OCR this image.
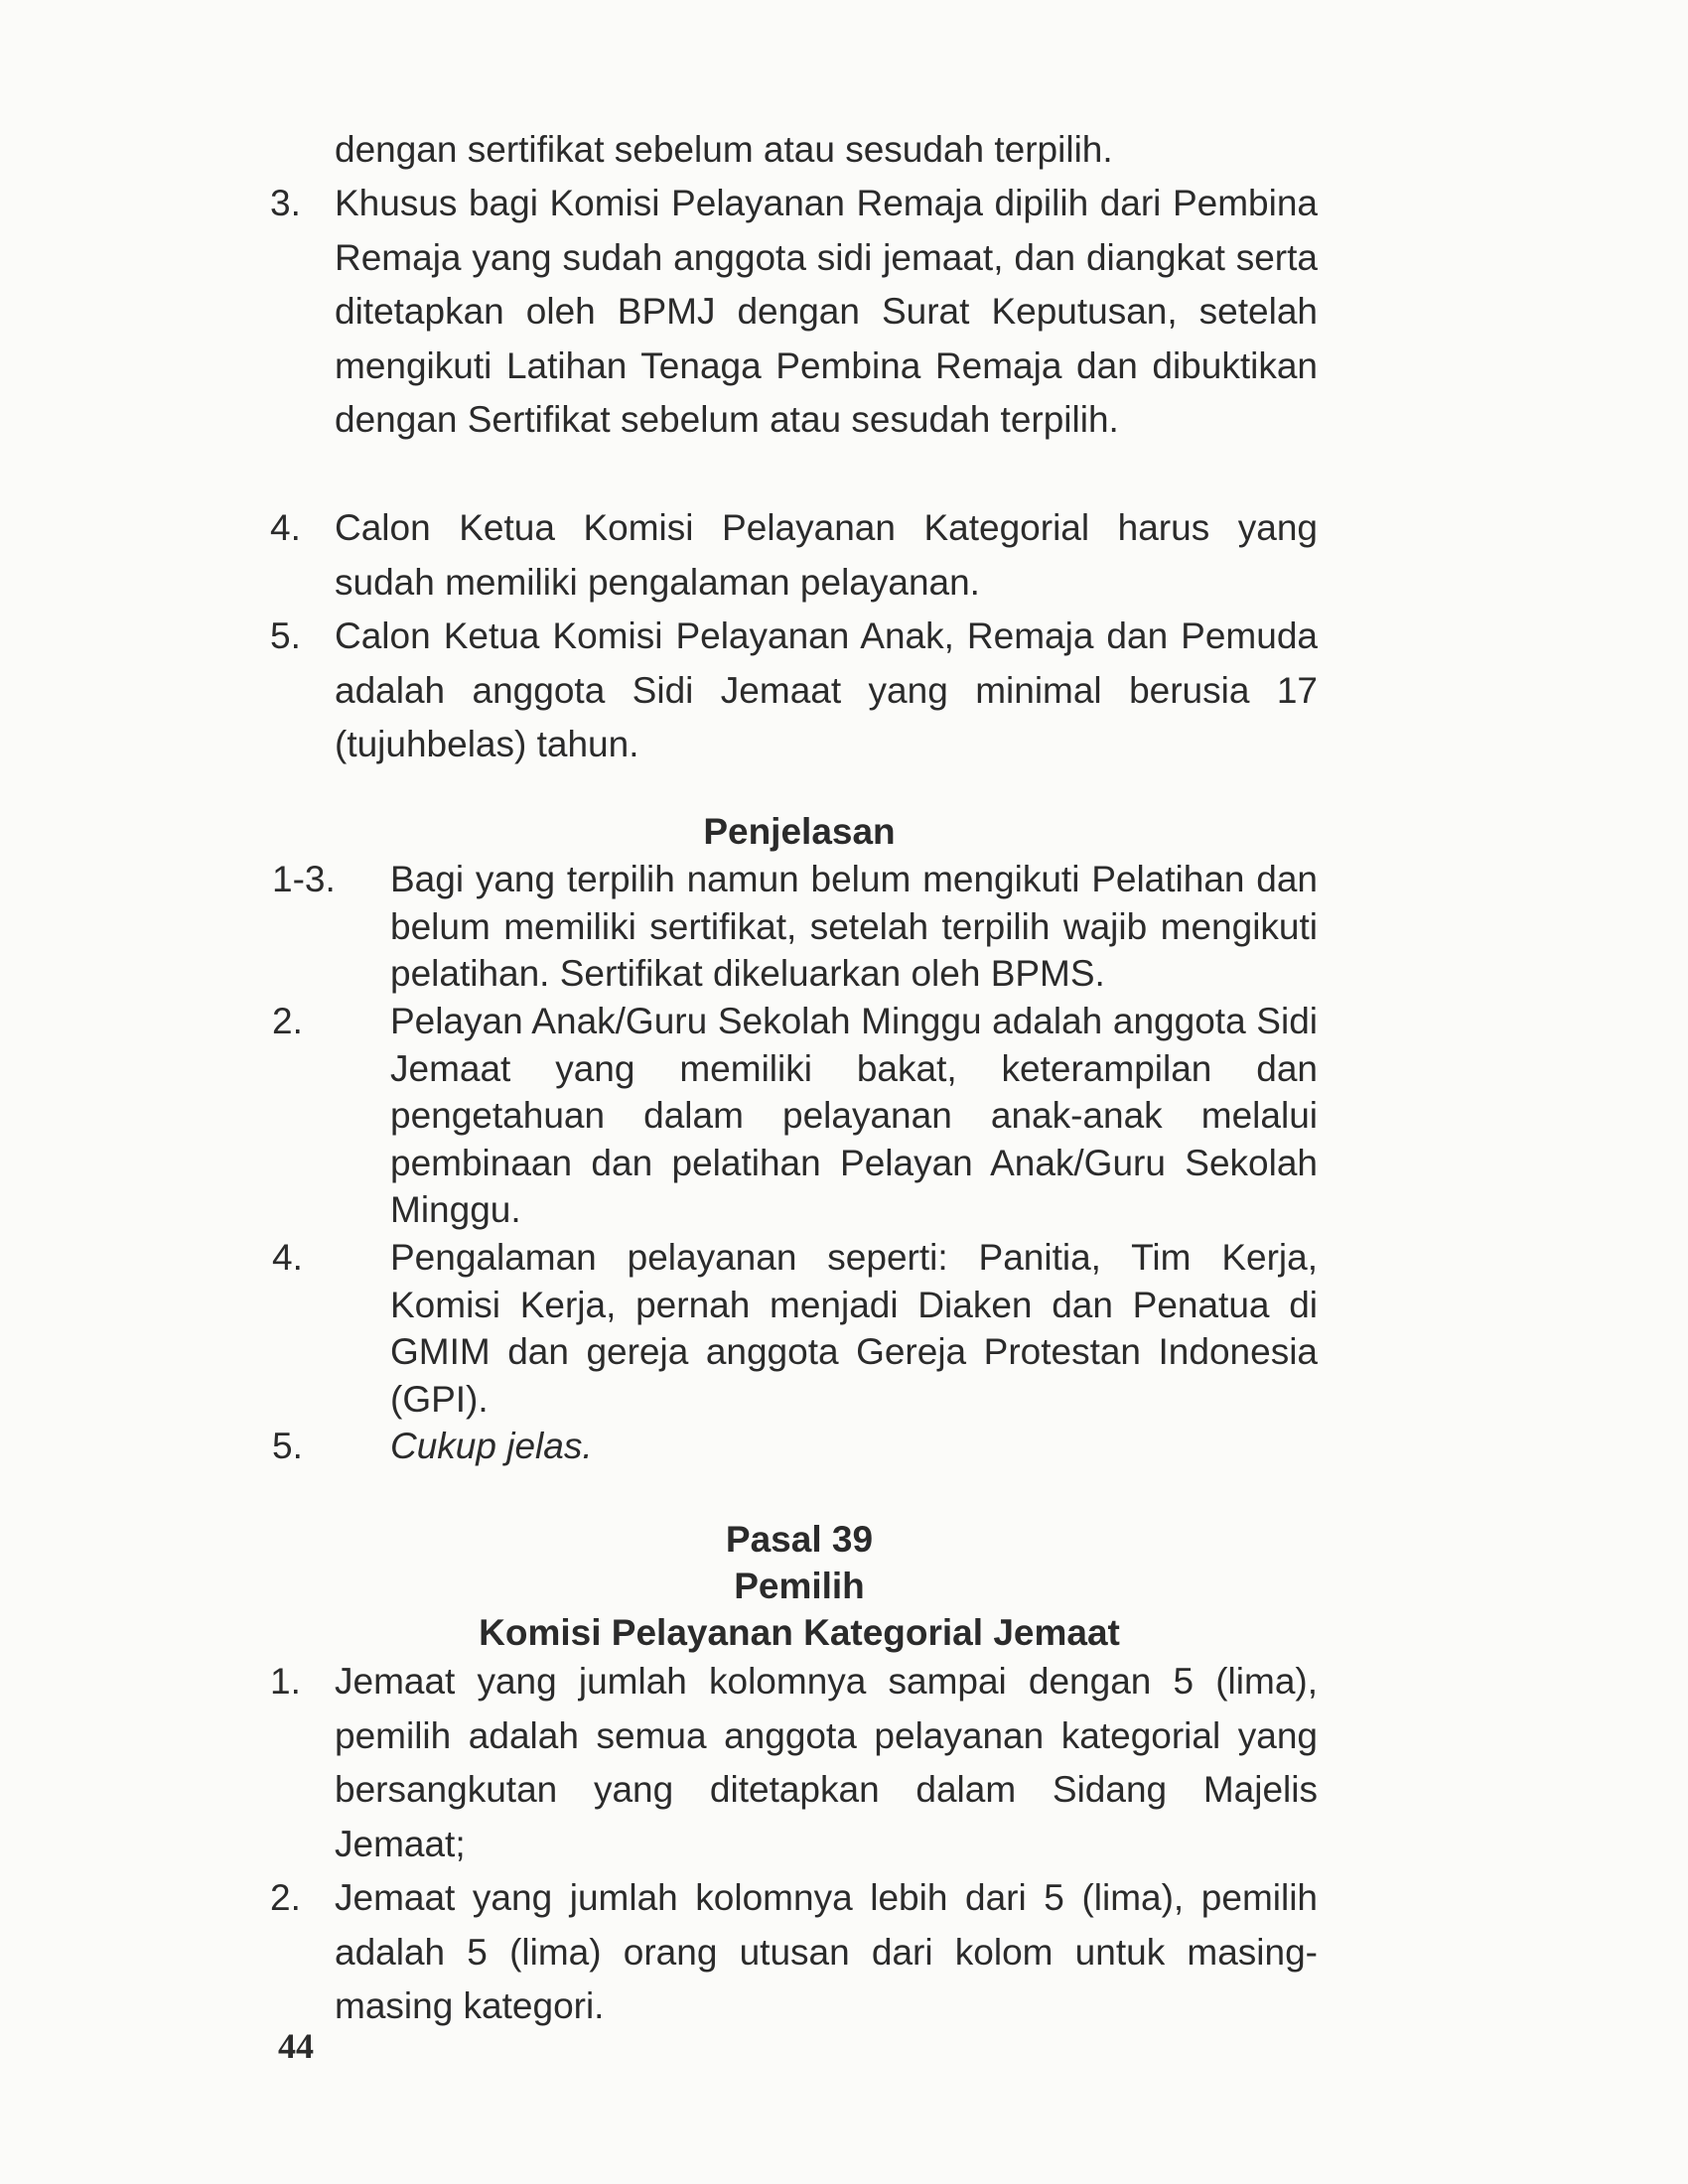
dengan sertifikat sebelum atau sesudah terpilih.

3. Khusus bagi Komisi Pelayanan Remaja dipilih dari Pembina Remaja yang sudah anggota sidi jemaat, dan diangkat serta ditetapkan oleh BPMJ dengan Surat Keputusan, setelah mengikuti Latihan Tenaga Pembina Remaja dan dibuktikan dengan Sertifikat sebelum atau sesudah terpilih.

4. Calon Ketua Komisi Pelayanan Kategorial harus yang sudah memiliki pengalaman pelayanan.

5. Calon Ketua Komisi Pelayanan Anak, Remaja dan Pemuda adalah anggota Sidi Jemaat yang minimal berusia 17 (tujuhbelas) tahun.

Penjelasan

1-3. Bagi yang terpilih namun belum mengikuti Pelatihan dan belum memiliki sertifikat, setelah terpilih wajib mengikuti pelatihan. Sertifikat dikeluarkan oleh BPMS.

2. Pelayan Anak/Guru Sekolah Minggu adalah anggota Sidi Jemaat yang memiliki bakat, keterampilan dan pengetahuan dalam pelayanan anak-anak melalui pembinaan dan pelatihan Pelayan Anak/Guru Sekolah Minggu.

4. Pengalaman pelayanan seperti: Panitia, Tim Kerja, Komisi Kerja, pernah menjadi Diaken dan Penatua di GMIM dan gereja anggota Gereja Protestan Indonesia (GPI).

5. Cukup jelas.

Pasal 39

Pemilih

Komisi Pelayanan Kategorial Jemaat

1. Jemaat yang jumlah kolomnya sampai dengan 5 (lima), pemilih adalah semua anggota pelayanan kategorial yang bersangkutan yang ditetapkan dalam Sidang Majelis Jemaat;

2. Jemaat yang jumlah kolomnya lebih dari 5 (lima), pemilih adalah 5 (lima) orang utusan dari kolom untuk masing-masing kategori.

44
